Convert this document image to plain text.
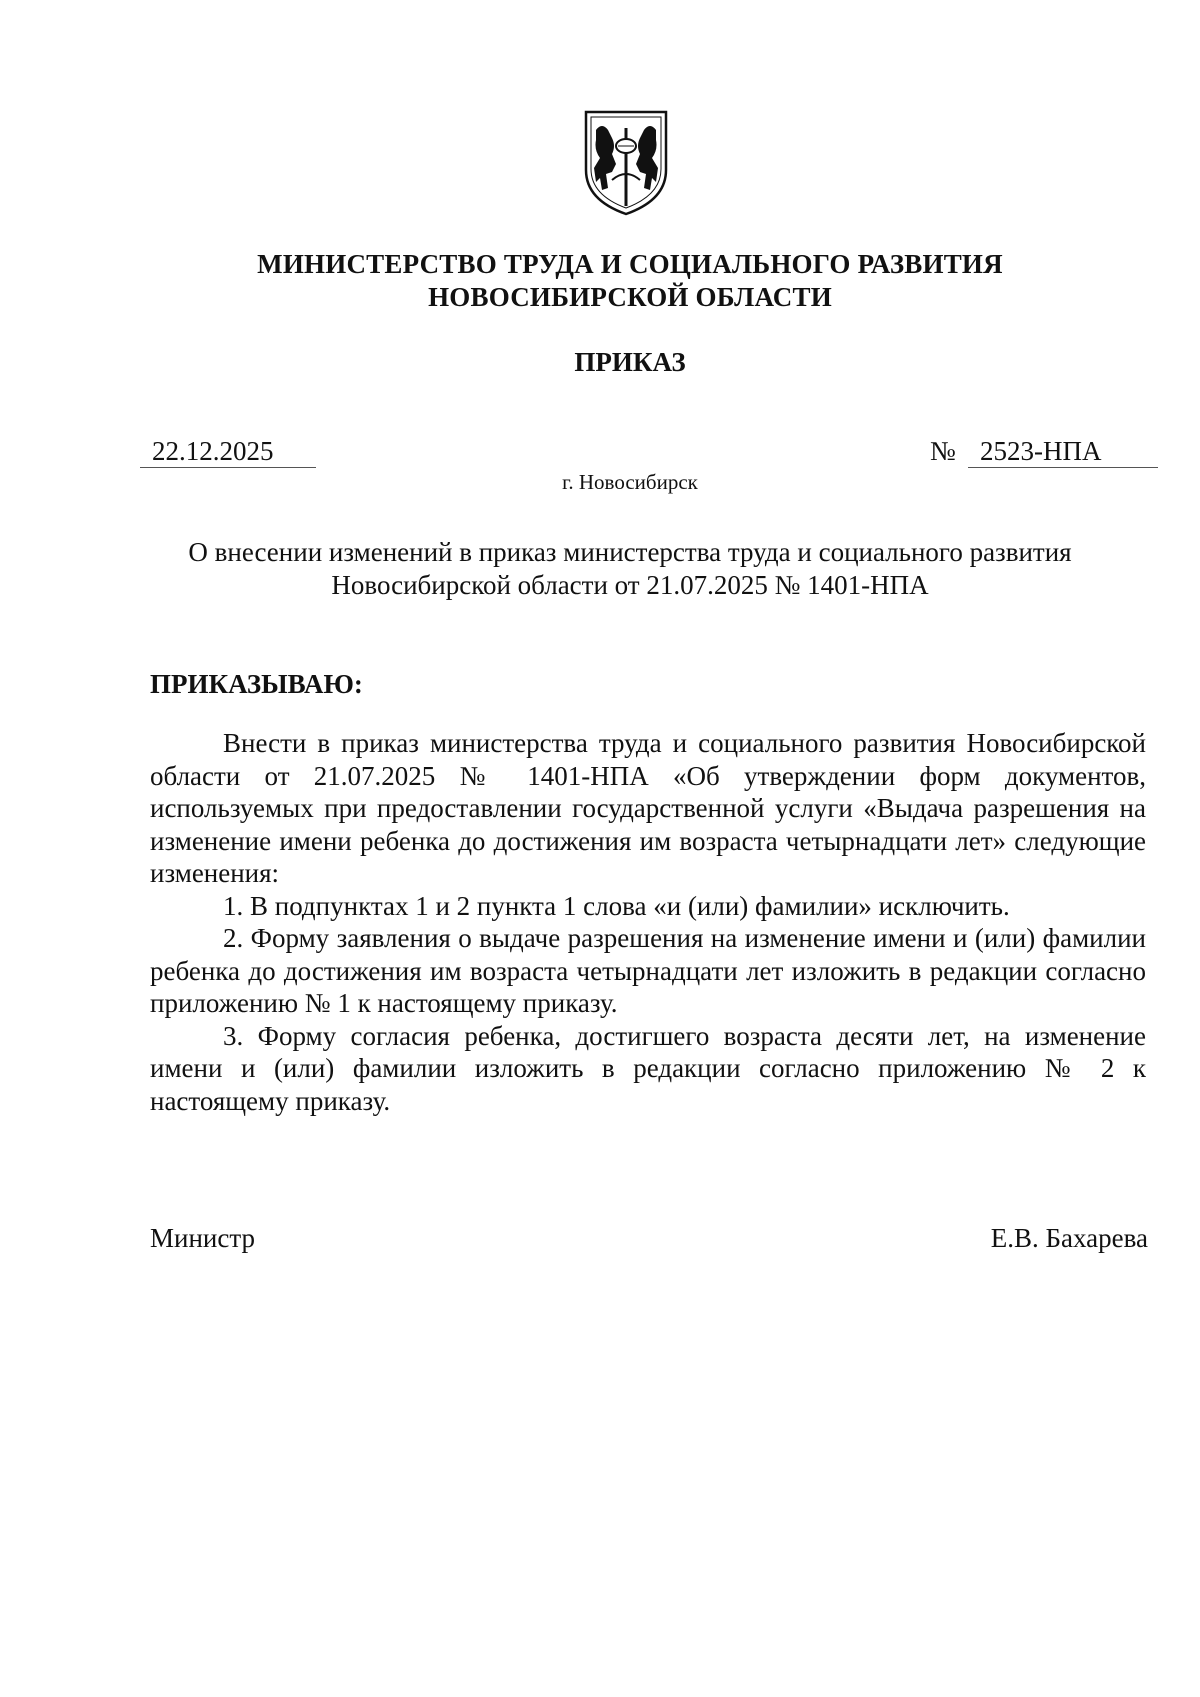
МИНИСТЕРСТВО ТРУДА И СОЦИАЛЬНОГО РАЗВИТИЯ
НОВОСИБИРСКОЙ ОБЛАСТИ
ПРИКАЗ
22.12.2025	№ 2523-НПА
г. Новосибирск
О внесении изменений в приказ министерства труда и социального развития
Новосибирской области от 21.07.2025 № 1401-НПА
ПРИКАЗЫВАЮ:

Внести в приказ министерства труда и социального развития Новосибирской области от 21.07.2025 № 1401-НПА «Об утверждении форм документов, используемых при предоставлении государственной услуги «Выдача разрешения на изменение имени ребенка до достижения им возраста четырнадцати лет» следующие изменения:

1. В подпунктах 1 и 2 пункта 1 слова «и (или) фамилии» исключить.

2. Форму заявления о выдаче разрешения на изменение имени и (или) фамилии ребенка до достижения им возраста четырнадцати лет изложить в редакции согласно приложению № 1 к настоящему приказу.

3. Форму согласия ребенка, достигшего возраста десяти лет, на изменение имени и (или) фамилии изложить в редакции согласно приложению № 2 к настоящему приказу.

Министр	Е.В. Бахарева
